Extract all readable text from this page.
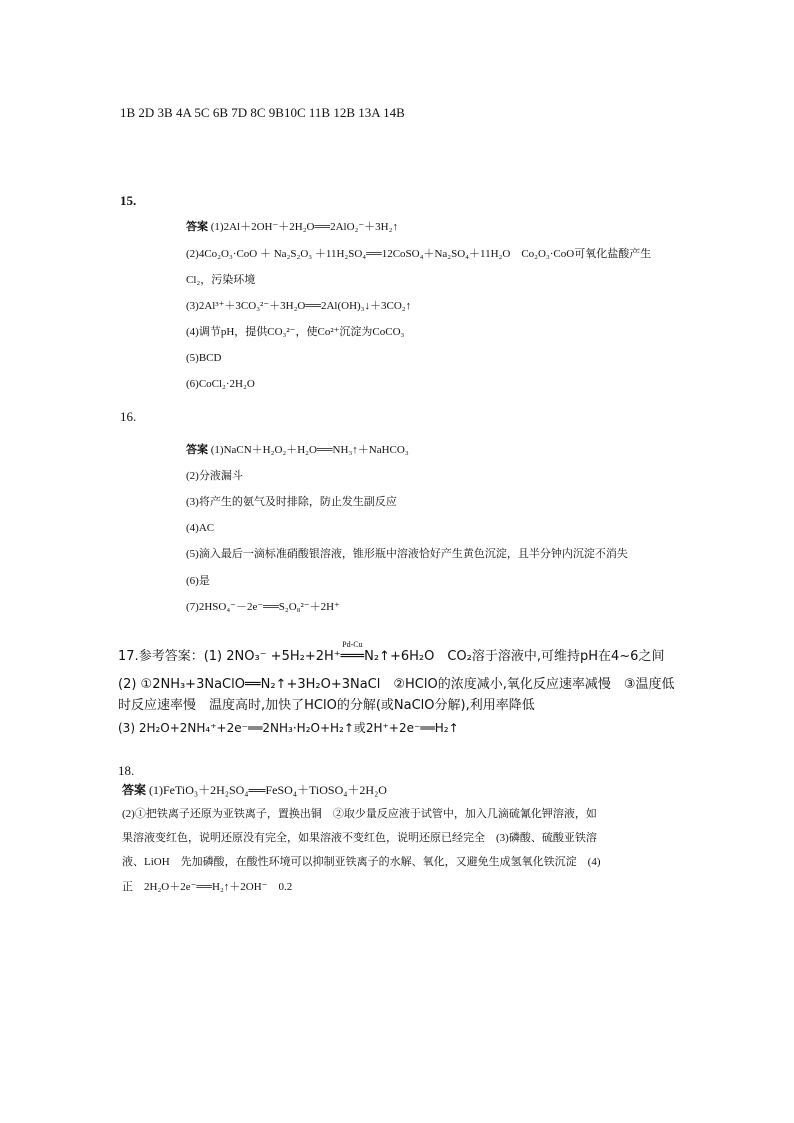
1B 2D 3B 4A 5C 6B 7D 8C 9B10C 11B 12B 13A 14B
15.
答案 (1)2Al＋2OH⁻＋2H₂O══2AlO₂⁻＋3H₂↑
(2)4Co₂O₃·CoO ＋ Na₂S₂O₃ ＋11H₂SO₄══12CoSO₄＋Na₂SO₄＋11H₂O　Co₂O₃·CoO可氧化盐酸产生
Cl₂，污染环境
(3)2Al³⁺＋3CO₃²⁻＋3H₂O══2Al(OH)₃↓＋3CO₂↑
(4)调节pH，提供CO₃²⁻，使Co²⁺沉淀为CoCO₃
(5)BCD
(6)CoCl₂·2H₂O
16.
答案 (1)NaCN＋H₂O₂＋H₂O══NH₃↑＋NaHCO₃
(2)分液漏斗
(3)将产生的氨气及时排除，防止发生副反应
(4)AC
(5)滴入最后一滴标准硝酸银溶液，锥形瓶中溶液恰好产生黄色沉淀，且半分钟内沉淀不消失
(6)是
(7)2HSO₄⁻－2e⁻══S₂O₈²⁻＋2H⁺
17.参考答案：(1) 2NO₃⁻ +5H₂+2H⁺
Pd-Cu
═══N₂↑+6H₂O　CO₂溶于溶液中,可维持pH在4~6之间
(2) ①2NH₃+3NaClO══N₂↑+3H₂O+3NaCl　②HClO的浓度减小,氧化反应速率减慢　③温度低
时反应速率慢　温度高时,加快了HClO的分解(或NaClO分解),利用率降低
(3) 2H₂O+2NH₄⁺+2e⁻══2NH₃·H₂O+H₂↑或2H⁺+2e⁻══H₂↑
18.
答案 (1)FeTiO₃＋2H₂SO₄══FeSO₄＋TiOSO₄＋2H₂O
(2)①把铁离子还原为亚铁离子，置换出铜　②取少量反应液于试管中，加入几滴硫氰化钾溶液，如
果溶液变红色，说明还原没有完全，如果溶液不变红色，说明还原已经完全　(3)磷酸、硫酸亚铁溶
液、LiOH　先加磷酸，在酸性环境可以抑制亚铁离子的水解、氧化，又避免生成氢氧化铁沉淀　(4)
正　2H₂O＋2e⁻══H₂↑＋2OH⁻　0.2
